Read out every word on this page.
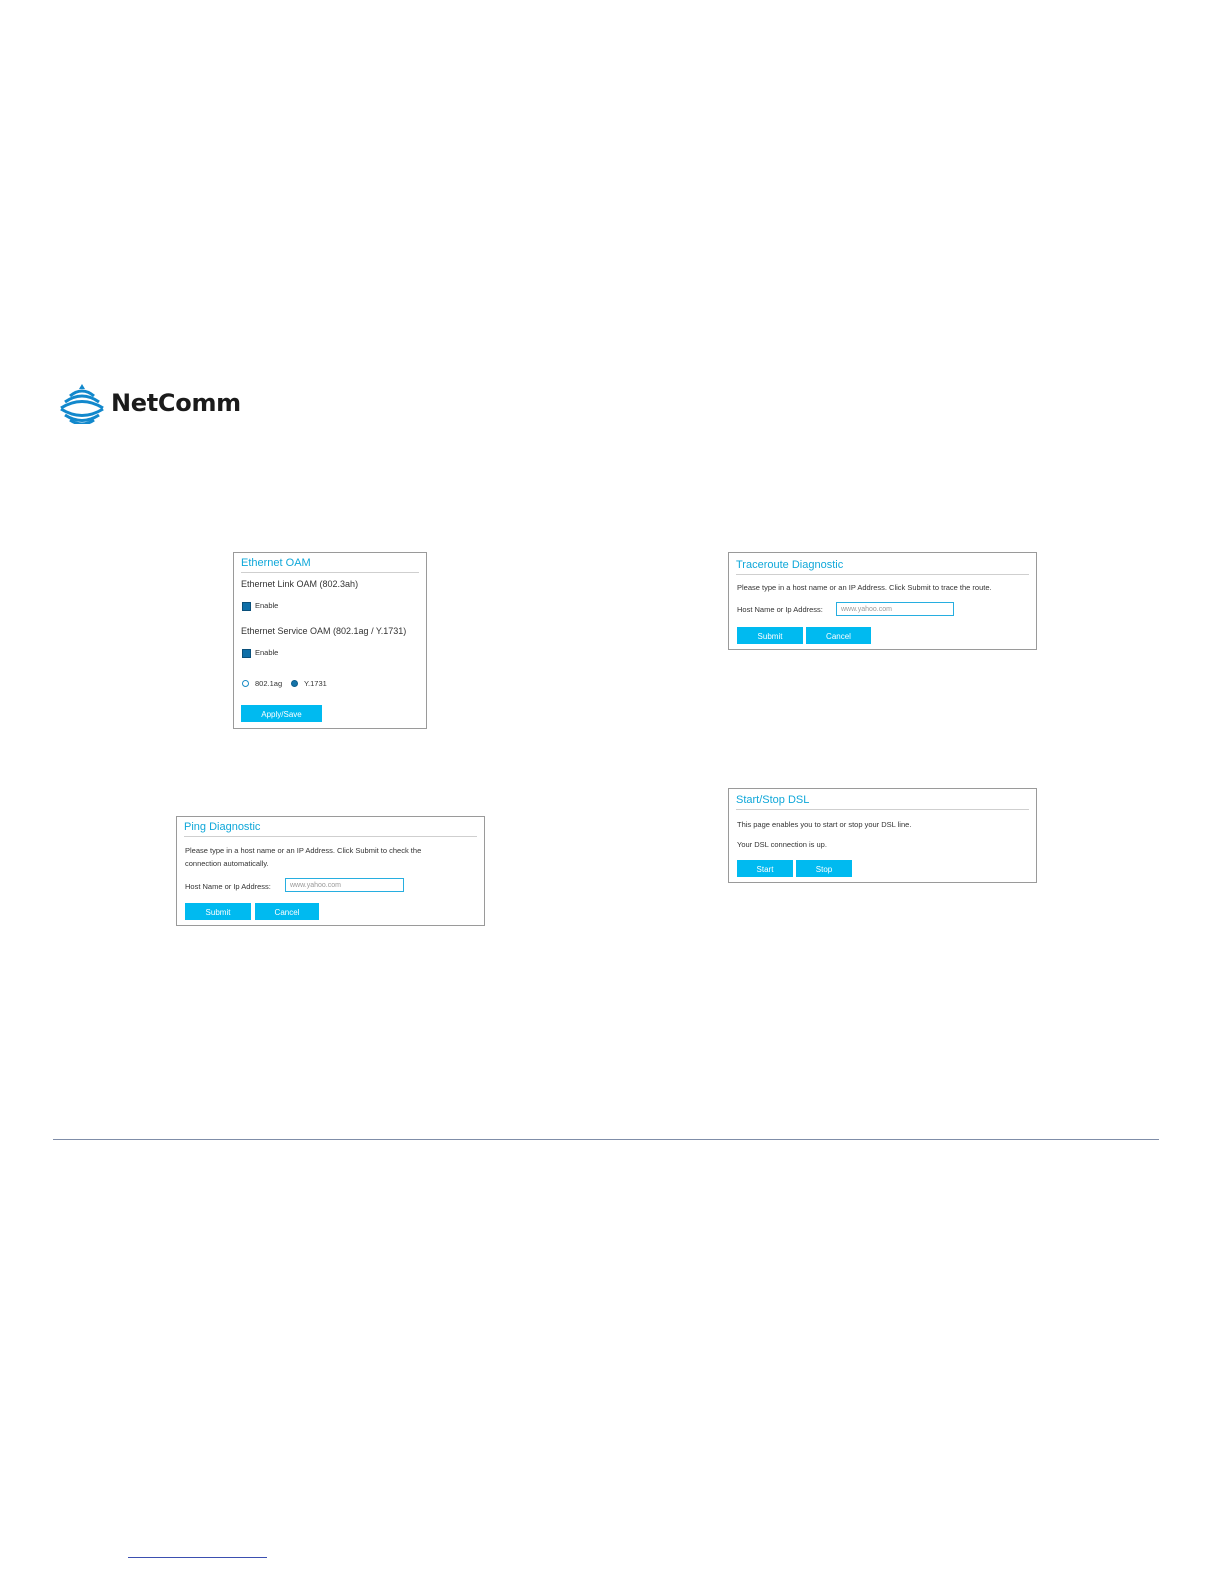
NetComm
Ethernet OAM
Ethernet Link OAM (802.3ah)
Enable
Ethernet Service OAM (802.1ag / Y.1731)
Enable
802.1ag	Y.1731
Apply/Save
Traceroute Diagnostic
Please type in a host name or an IP Address. Click Submit to trace the route.
Host Name or Ip Address:	www.yahoo.com
Submit	Cancel
Ping Diagnostic
Please type in a host name or an IP Address. Click Submit to check the
connection automatically.
Host Name or Ip Address:	www.yahoo.com
Submit	Cancel
Start/Stop DSL
This page enables you to start or stop your DSL line.
Your DSL connection is up.
Start	Stop
